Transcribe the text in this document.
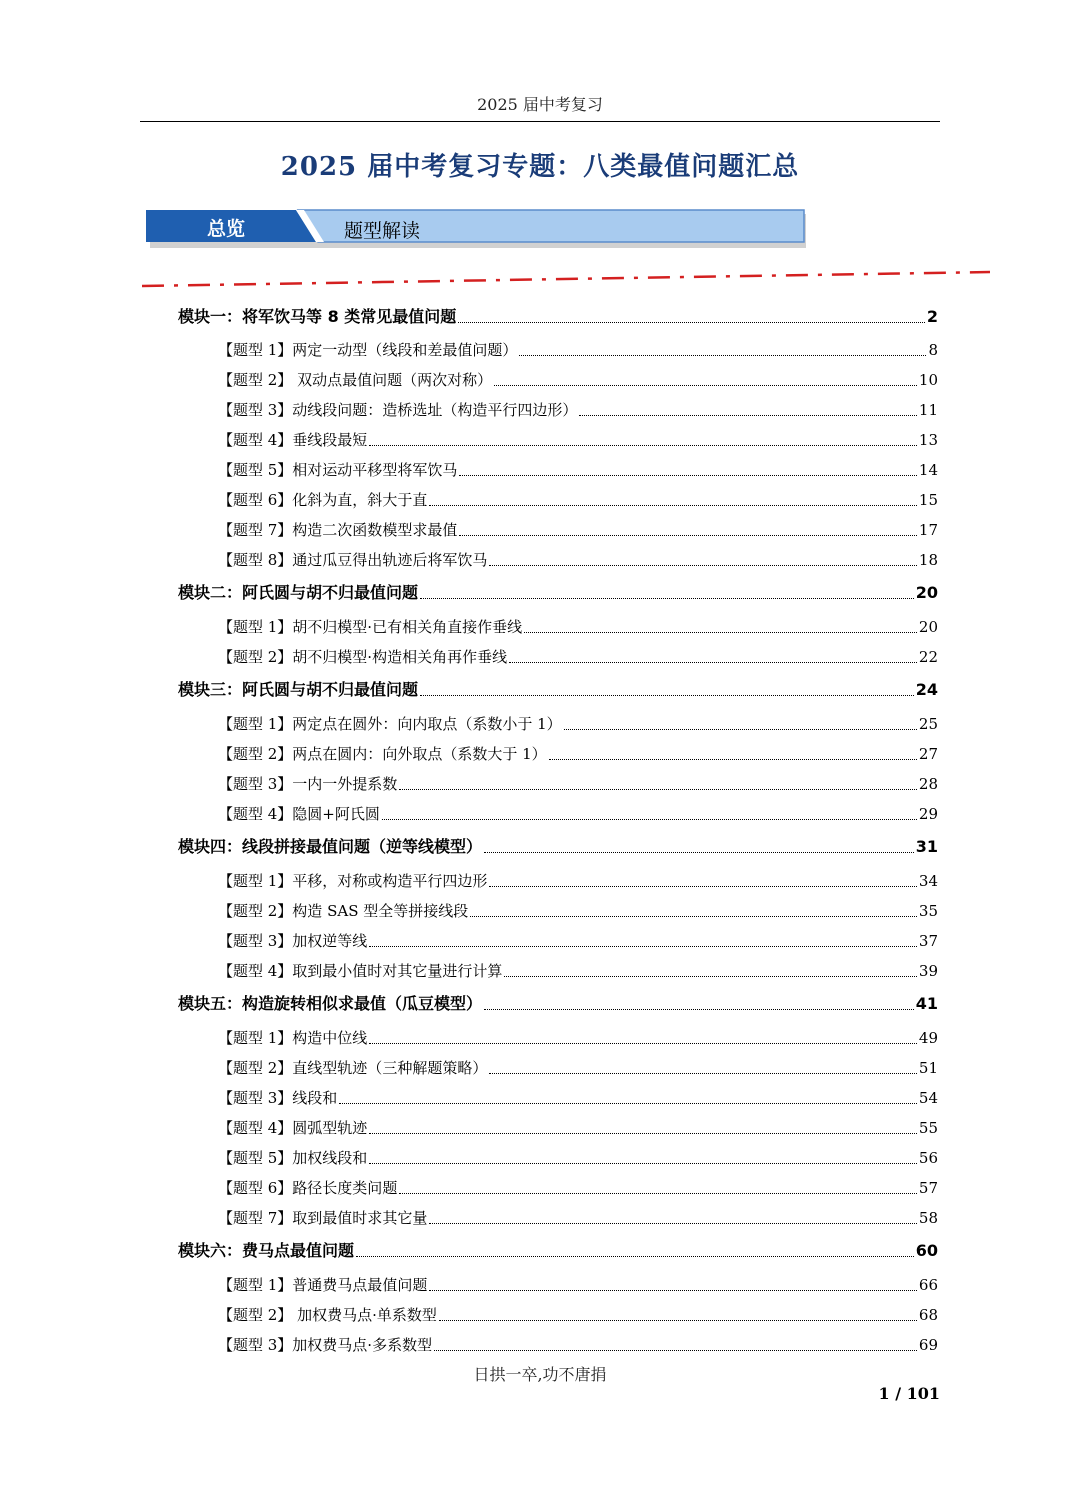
2025 届中考复习
2025 届中考复习专题：八类最值问题汇总
总览	题型解读
模块一：将军饮马等 8 类常见最值问题	2
【题型 1】两定一动型（线段和差最值问题）	8
【题型 2】 双动点最值问题（两次对称）	10
【题型 3】动线段问题：造桥选址（构造平行四边形）	11
【题型 4】垂线段最短	13
【题型 5】相对运动平移型将军饮马	14
【题型 6】化斜为直，斜大于直	15
【题型 7】构造二次函数模型求最值	17
【题型 8】通过瓜豆得出轨迹后将军饮马	18
模块二：阿氏圆与胡不归最值问题	20
【题型 1】胡不归模型·已有相关角直接作垂线	20
【题型 2】胡不归模型·构造相关角再作垂线	22
模块三：阿氏圆与胡不归最值问题	24
【题型 1】两定点在圆外：向内取点（系数小于 1）	25
【题型 2】两点在圆内：向外取点（系数大于 1）	27
【题型 3】一内一外提系数	28
【题型 4】隐圆+阿氏圆	29
模块四：线段拼接最值问题（逆等线模型）	31
【题型 1】平移，对称或构造平行四边形	34
【题型 2】构造 SAS 型全等拼接线段	35
【题型 3】加权逆等线	37
【题型 4】取到最小值时对其它量进行计算	39
模块五：构造旋转相似求最值（瓜豆模型）	41
【题型 1】构造中位线	49
【题型 2】直线型轨迹（三种解题策略）	51
【题型 3】线段和	54
【题型 4】圆弧型轨迹	55
【题型 5】加权线段和	56
【题型 6】路径长度类问题	57
【题型 7】取到最值时求其它量	58
模块六：费马点最值问题	60
【题型 1】普通费马点最值问题	66
【题型 2】 加权费马点·单系数型	68
【题型 3】加权费马点·多系数型	69
日拱一卒,功不唐捐
1 / 101
